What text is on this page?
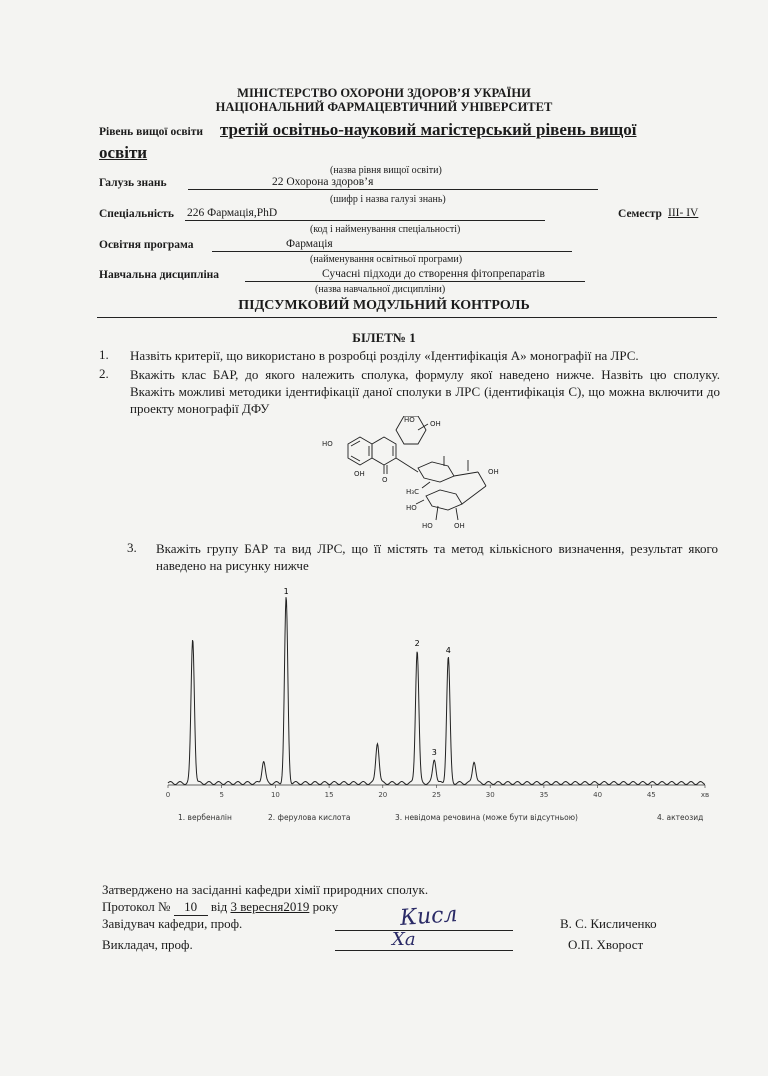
МІНІСТЕРСТВО ОХОРОНИ ЗДОРОВ’Я УКРАЇНИ
НАЦІОНАЛЬНИЙ ФАРМАЦЕВТИЧНИЙ УНІВЕРСИТЕТ
Рівень вищої освіти третій освітньо-науковий магістерський рівень вищої
освіти
(назва рівня вищої освіти)
Галузь знань	22 Охорона здоров’я
(шифр і назва галузі знань)
Спеціальність 226 Фармація,PhD	Семестр III- IV
(код і найменування спеціальності)
Освітня програма	Фармація
(найменування освітньої програми)
Навчальна дисципліна	Сучасні підходи до створення фітопрепаратів
(назва навчальної дисципліни)
ПІДСУМКОВИЙ МОДУЛЬНИЙ КОНТРОЛЬ
БІЛЕТ№ 1
1. Назвіть критерії, що використано в розробці розділу «Ідентифікація А» монографії на ЛРС.
2. Вкажіть клас БАР, до якого належить сполука, формулу якої наведено нижче. Назвіть цю сполуку. Вкажіть можливі методики ідентифікації даної сполуки в ЛРС (ідентифікація С), що можна включити до проекту монографії ДФУ
HO
OH
HO
OH
O
H₃C
HO
HO	OH
OH
3. Вкажіть групу БАР та вид ЛРС, що її містять та метод кількісного визначення, результат якого наведено на рисунку нижче
0	5	10	15	20	25	30	35	40	45	хв
1
2
3
4
1. вербеналін	2. ферулова кислота	3. невідома речовина (може бути відсутньою)	4. актеозид
Затверджено на засіданні кафедри хімії природних сполук.
Протокол № 10 від 3 вересня2019 року
Завідувач кафедри, проф.	Кисл	В. С. Кисличенко
Викладач, проф.	Ха	О.П. Хворост
